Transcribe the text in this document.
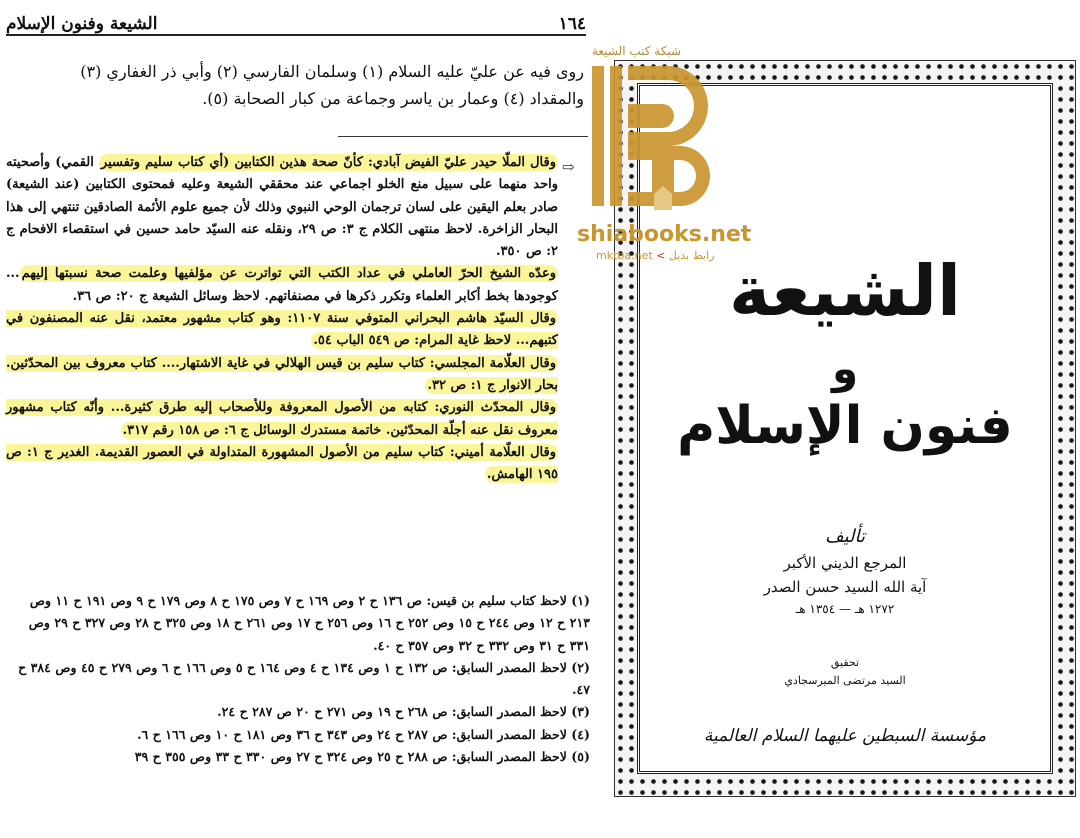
١٦٤
الشيعة وفنون الإسلام
روى فيه عن عليّ عليه السلام (١) وسلمان الفارسي (٢) وأبي ذر الغفاري (٣)
والمقداد (٤) وعمار بن ياسر وجماعة من كبار الصحابة (٥).
⇨

وقال الملّا حيدر عليّ الفيض آبادي: كأنّ صحة هذين الكتابين (أي كتاب سليم وتفسير القمي) وأصحيته واحد منهما على سبيل منع الخلو اجماعي عند محققي الشيعة وعليه فمحتوى الكتابين (عند الشيعة) صادر بعلم اليقين على لسان ترجمان الوحي النبوي وذلك لأن جميع علوم الأئمة الصادقين تنتهي إلى هذا البحار الزاخرة. لاحظ منتهى الكلام ج ٣: ص ٢٩، ونقله عنه السيّد حامد حسين في استقصاء الافحام ج ٢: ص ٣٥٠.

وعدّه الشيخ الحرّ العاملي في عداد الكتب التي تواترت عن مؤلفيها وعلمت صحة نسبتها إليهم... كوجودها بخط أكابر العلماء وتكرر ذكرها في مصنفاتهم. لاحظ وسائل الشيعة ج ٢٠: ص ٣٦.

وقال السيّد هاشم البحراني المتوفي سنة ١١٠٧: وهو كتاب مشهور معتمد، نقل عنه المصنفون في كتبهم... لاحظ غاية المرام: ص ٥٤٩ الباب ٥٤.

وقال العلّامة المجلسي: كتاب سليم بن قيس الهلالي في غاية الاشتهار.... كتاب معروف بين المحدّثين. بحار الانوار ج ١: ص ٣٢.

وقال المحدّث النوري: كتابه من الأصول المعروفة وللأصحاب إليه طرق كثيرة... وأنّه كتاب مشهور معروف نقل عنه أجلّة المحدّثين. خاتمة مستدرك الوسائل ج ٦: ص ١٥٨ رقم ٣١٧.

وقال العلّامة أميني: كتاب سليم من الأصول المشهورة المتداولة في العصور القديمة. الغدير ج ١: ص ١٩٥ الهامش.

(١) لاحظ كتاب سليم بن قيس: ص ١٣٦ ح ٢ وص ١٦٩ ح ٧ وص ١٧٥ ح ٨ وص ١٧٩ ح ٩ وص ١٩١ ح ١١ وص ٢١٣ ح ١٢ وص ٢٤٤ ح ١٥ وص ٢٥٢ ح ١٦ وص ٢٥٦ ح ١٧ وص ٢٦١ ح ١٨ وص ٣٢٥ ح ٢٨ وص ٣٢٧ ح ٢٩ وص ٣٣١ ح ٣١ وص ٣٣٢ ح ٣٢ وص ٣٥٧ ح ٤٠.

(٢) لاحظ المصدر السابق: ص ١٣٢ ح ١ وص ١٣٤ ح ٤ وص ١٦٤ ح ٥ وص ١٦٦ ح ٦ وص ٢٧٩ ح ٤٥ وص ٣٨٤ ح ٤٧.

(٣) لاحظ المصدر السابق: ص ٢٦٨ ح ١٩ وص ٢٧١ ح ٢٠ ص ٢٨٧ ح ٢٤.

(٤) لاحظ المصدر السابق: ص ٢٨٧ ح ٢٤ وص ٣٤٣ ح ٣٦ وص ١٨١ ح ١٠ وص ١٦٦ ح ٦.

(٥) لاحظ المصدر السابق: ص ٢٨٨ ح ٢٥ وص ٣٢٤ ح ٢٧ وص ٣٣٠ ح ٣٣ وص ٣٥٥ ح ٣٩

الشيعة
و
فنون الإسلام
تأليف
المرجع الديني الأكبر
آية الله السيد حسن الصدر
١٢٧٢ هـ — ١٣٥٤ هـ
تحقيق
السيد مرتضى الميرسجادي
مؤسسة السبطين عليهما السلام العالمية
شبكة كتب الشيعة
shiabooks.net
mktba.net < رابط بديل
